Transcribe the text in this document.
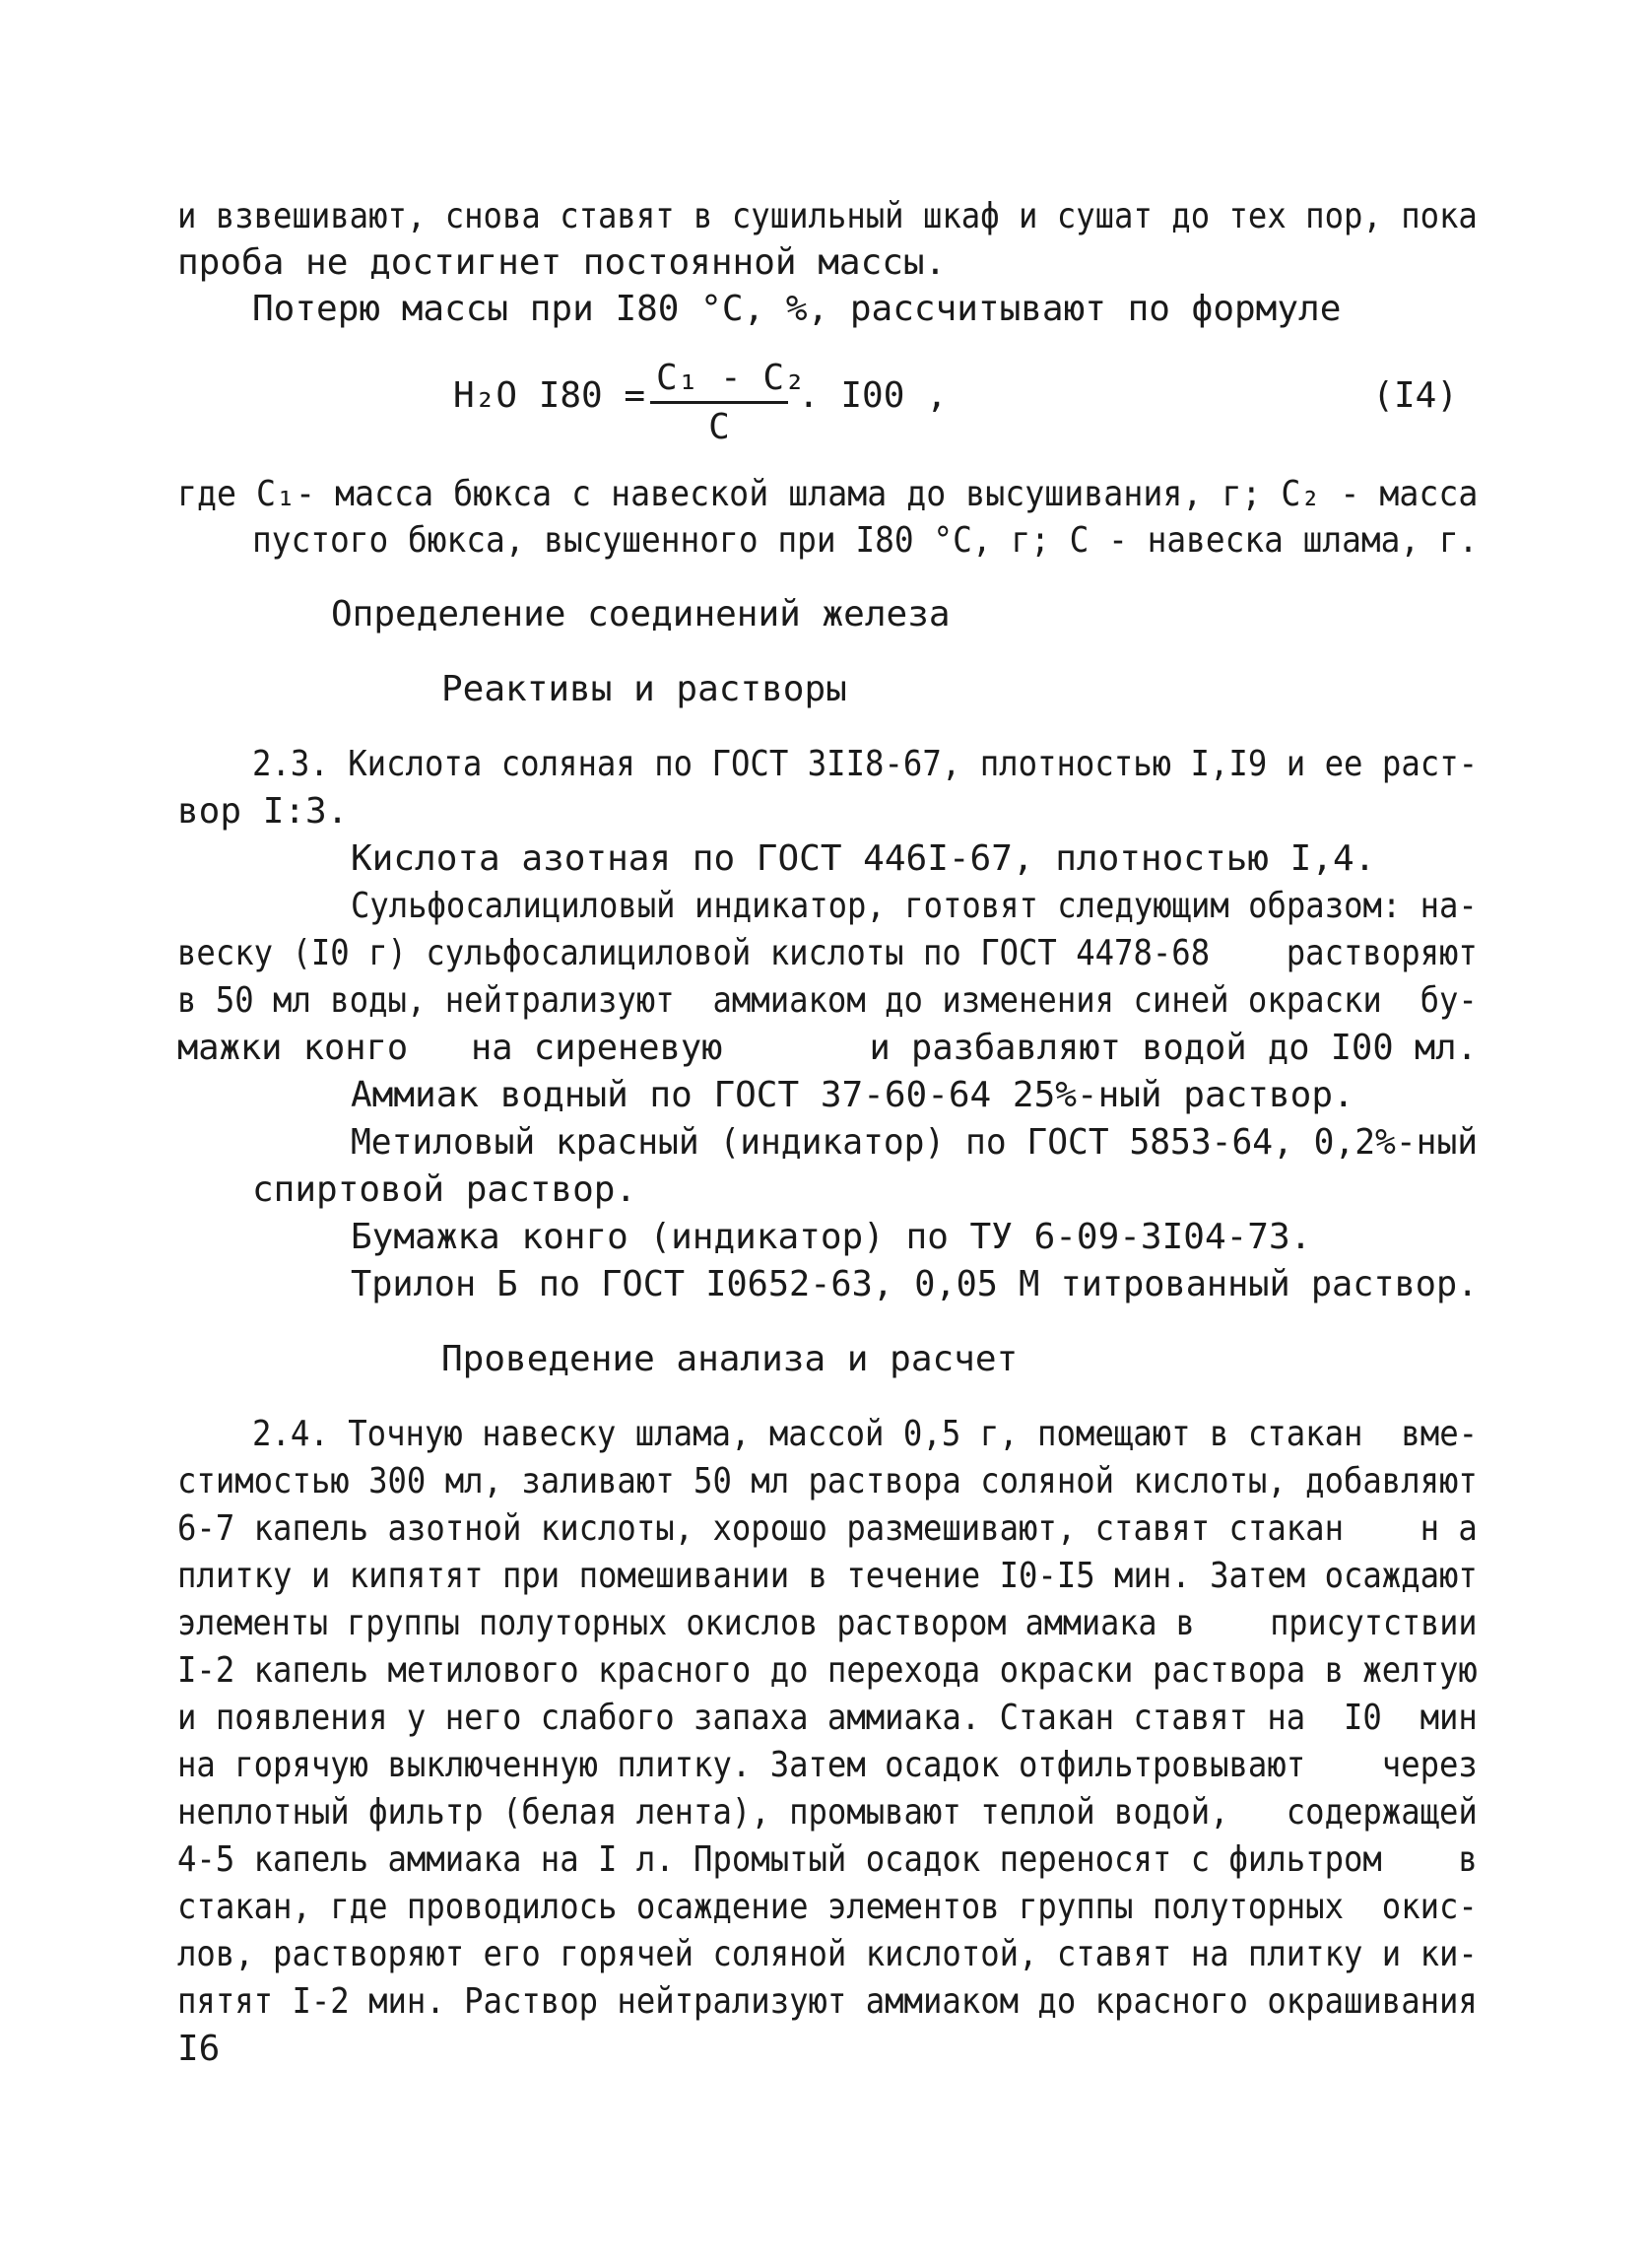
и взвешивают, снова ставят в сушильный шкаф и сушат до тех пор, пока
проба не достигнет постоянной массы.
Потерю массы при I80 °C, %, рассчитывают по формуле
H₂O $I80 = \frac{\text{C₁ - C₂}}{C}$ . I00 ,	(I4)
где C₁- масса бюкса с навеской шлама до высушивания, г; C₂ - масса
пустого бюкса, высушенного при I80 °C, г; C - навеска шлама, г.
Определение соединений железа
Реактивы и растворы
2.3. Кислота соляная по ГОСТ 3II8-67, плотностью I,I9 и ее раст-
вор I:3.
Кислота азотная по ГОСТ 446I-67, плотностью I,4.
Сульфосалициловый индикатор, готовят следующим образом: на-
веску (I0 г) сульфосалициловой кислоты по ГОСТ 4478-68    растворяют
в 50 мл воды, нейтрализуют  аммиаком до изменения синей окраски  бу-
мажки конго   на сиреневую       и разбавляют водой до I00 мл.
Аммиак водный по ГОСТ 37-60-64 25%-ный раствор.
Метиловый красный (индикатор) по ГОСТ 5853-64, 0,2%-ный
спиртовой раствор.
Бумажка конго (индикатор) по ТУ 6-09-3I04-73.
Трилон Б по ГОСТ I0652-63, 0,05 М титрованный раствор.
Проведение анализа и расчет
2.4. Точную навеску шлама, массой 0,5 г, помещают в стакан  вме-
стимостью 300 мл, заливают 50 мл раствора соляной кислоты, добавляют
6-7 капель азотной кислоты, хорошо размешивают, ставят стакан    н а
плитку и кипятят при помешивании в течение I0-I5 мин. Затем осаждают
элементы группы полуторных окислов раствором аммиака в    присутствии
I-2 капель метилового красного до перехода окраски раствора в желтую
и появления у него слабого запаха аммиака. Стакан ставят на  I0  мин
на горячую выключенную плитку. Затем осадок отфильтровывают    через
неплотный фильтр (белая лента), промывают теплой водой,   содержащей
4-5 капель аммиака на I л. Промытый осадок переносят с фильтром    в
стакан, где проводилось осаждение элементов группы полуторных  окис-
лов, растворяют его горячей соляной кислотой, ставят на плитку и ки-
пятят I-2 мин. Раствор нейтрализуют аммиаком до красного окрашивания
I6
